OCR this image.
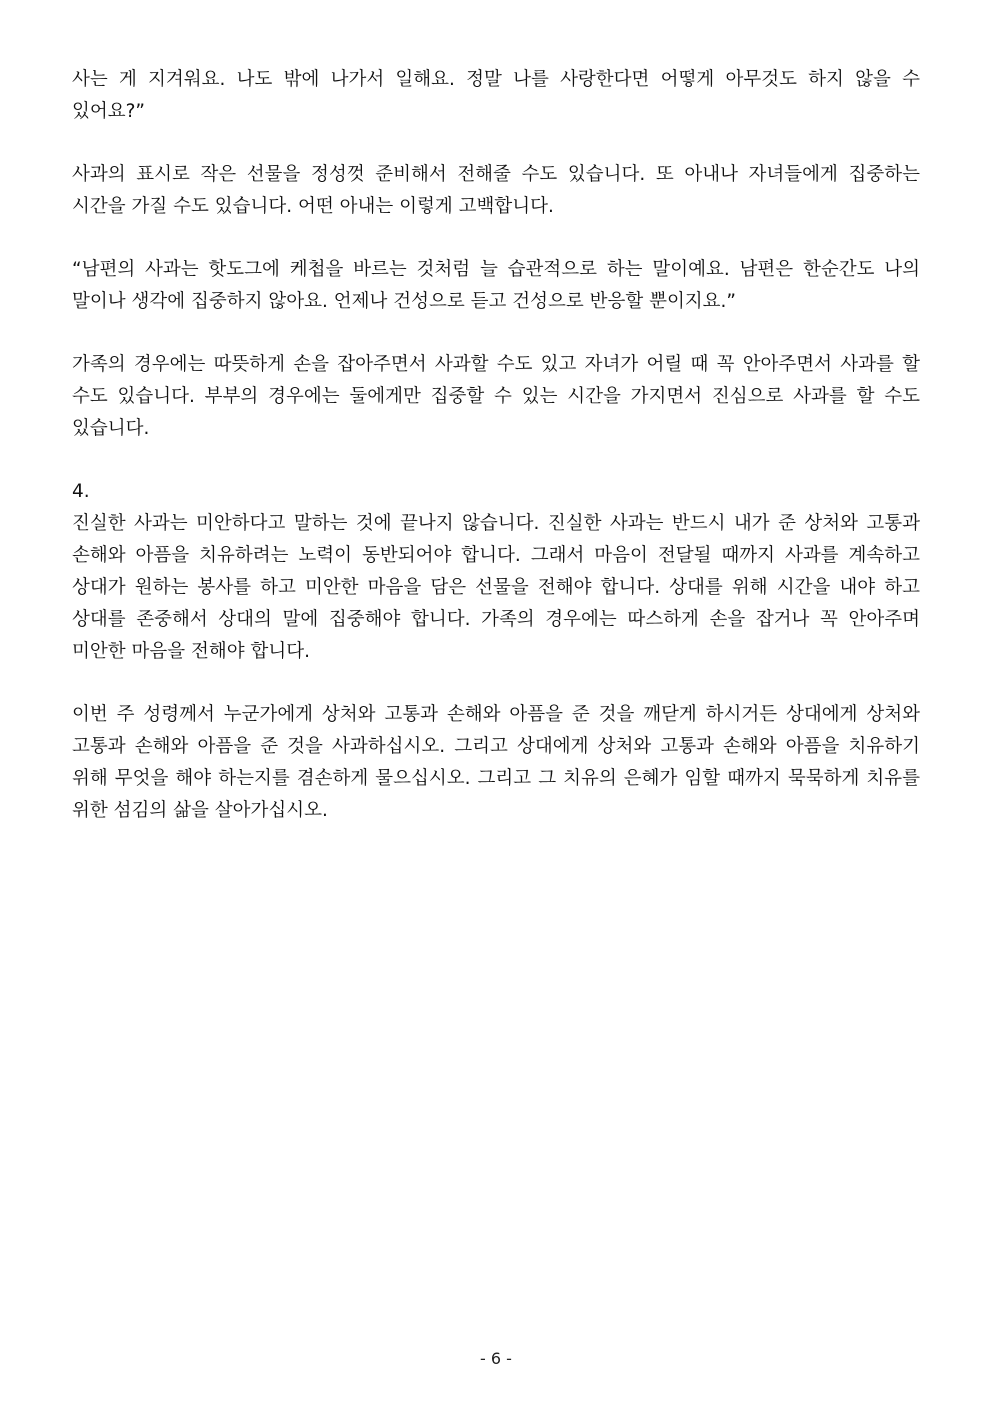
사는 게 지겨워요. 나도 밖에 나가서 일해요. 정말 나를 사랑한다면 어떻게 아무것도 하지 않을 수 있어요?”

사과의 표시로 작은 선물을 정성껏 준비해서 전해줄 수도 있습니다. 또 아내나 자녀들에게 집중하는 시간을 가질 수도 있습니다. 어떤 아내는 이렇게 고백합니다.

“남편의 사과는 핫도그에 케첩을 바르는 것처럼 늘 습관적으로 하는 말이예요. 남편은 한순간도 나의 말이나 생각에 집중하지 않아요. 언제나 건성으로 듣고 건성으로 반응할 뿐이지요.”

가족의 경우에는 따뜻하게 손을 잡아주면서 사과할 수도 있고 자녀가 어릴 때 꼭 안아주면서 사과를 할 수도 있습니다. 부부의 경우에는 둘에게만 집중할 수 있는 시간을 가지면서 진심으로 사과를 할 수도 있습니다.

4.

진실한 사과는 미안하다고 말하는 것에 끝나지 않습니다. 진실한 사과는 반드시 내가 준 상처와 고통과 손해와 아픔을 치유하려는 노력이 동반되어야 합니다. 그래서 마음이 전달될 때까지 사과를 계속하고 상대가 원하는 봉사를 하고 미안한 마음을 담은 선물을 전해야 합니다. 상대를 위해 시간을 내야 하고 상대를 존중해서 상대의 말에 집중해야 합니다. 가족의 경우에는 따스하게 손을 잡거나 꼭 안아주며 미안한 마음을 전해야 합니다.

이번 주 성령께서 누군가에게 상처와 고통과 손해와 아픔을 준 것을 깨닫게 하시거든 상대에게 상처와 고통과 손해와 아픔을 준 것을 사과하십시오. 그리고 상대에게 상처와 고통과 손해와 아픔을 치유하기 위해 무엇을 해야 하는지를 겸손하게 물으십시오. 그리고 그 치유의 은혜가 임할 때까지 묵묵하게 치유를 위한 섬김의 삶을 살아가십시오.

- 6 -
